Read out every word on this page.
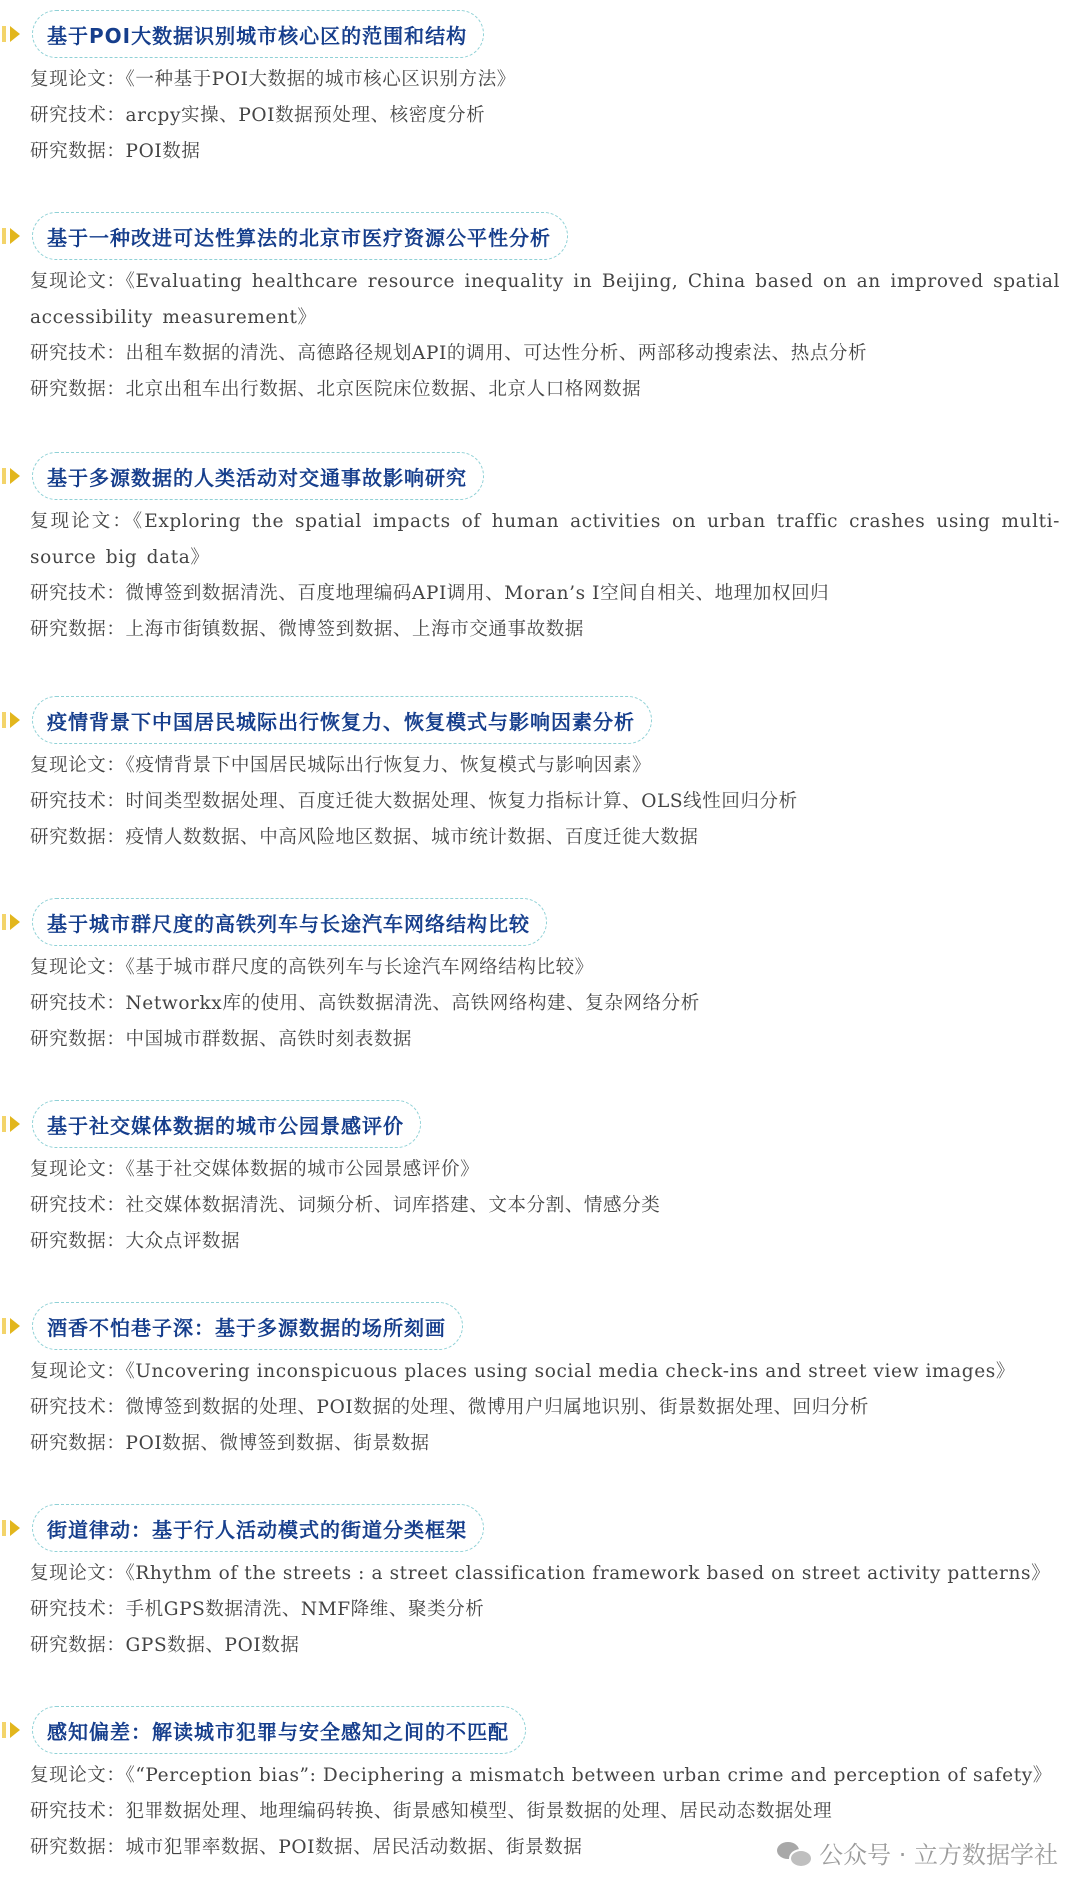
基于POI大数据识别城市核心区的范围和结构
复现论文：《一种基于POI大数据的城市核心区识别方法》
研究技术：arcpy实操、POI数据预处理、核密度分析
研究数据：POI数据
基于一种改进可达性算法的北京市医疗资源公平性分析
复现论文：《Evaluating healthcare resource inequality in Beijing, China based on an improved spatial accessibility measurement》
研究技术：出租车数据的清洗、高德路径规划API的调用、可达性分析、两部移动搜索法、热点分析
研究数据：北京出租车出行数据、北京医院床位数据、北京人口格网数据
基于多源数据的人类活动对交通事故影响研究
复现论文：《Exploring the spatial impacts of human activities on urban traffic crashes using multi-source big data》
研究技术：微博签到数据清洗、百度地理编码API调用、Moran’s I空间自相关、地理加权回归
研究数据：上海市街镇数据、微博签到数据、上海市交通事故数据
疫情背景下中国居民城际出行恢复力、恢复模式与影响因素分析
复现论文：《疫情背景下中国居民城际出行恢复力、恢复模式与影响因素》
研究技术：时间类型数据处理、百度迁徙大数据处理、恢复力指标计算、OLS线性回归分析
研究数据：疫情人数数据、中高风险地区数据、城市统计数据、百度迁徙大数据
基于城市群尺度的高铁列车与长途汽车网络结构比较
复现论文：《基于城市群尺度的高铁列车与长途汽车网络结构比较》
研究技术：Networkx库的使用、高铁数据清洗、高铁网络构建、复杂网络分析
研究数据：中国城市群数据、高铁时刻表数据
基于社交媒体数据的城市公园景感评价
复现论文：《基于社交媒体数据的城市公园景感评价》
研究技术：社交媒体数据清洗、词频分析、词库搭建、文本分割、情感分类
研究数据：大众点评数据
酒香不怕巷子深：基于多源数据的场所刻画
复现论文：《Uncovering inconspicuous places using social media check-ins and street view images》
研究技术：微博签到数据的处理、POI数据的处理、微博用户归属地识别、街景数据处理、回归分析
研究数据：POI数据、微博签到数据、街景数据
街道律动：基于行人活动模式的街道分类框架
复现论文：《Rhythm of the streets : a street classification framework based on street activity patterns》
研究技术：手机GPS数据清洗、NMF降维、聚类分析
研究数据：GPS数据、POI数据
感知偏差：解读城市犯罪与安全感知之间的不匹配
复现论文：《“Perception bias”: Deciphering a mismatch between urban crime and perception of safety》
研究技术：犯罪数据处理、地理编码转换、街景感知模型、街景数据的处理、居民动态数据处理
研究数据：城市犯罪率数据、POI数据、居民活动数据、街景数据	公众号 · 立方数据学社
